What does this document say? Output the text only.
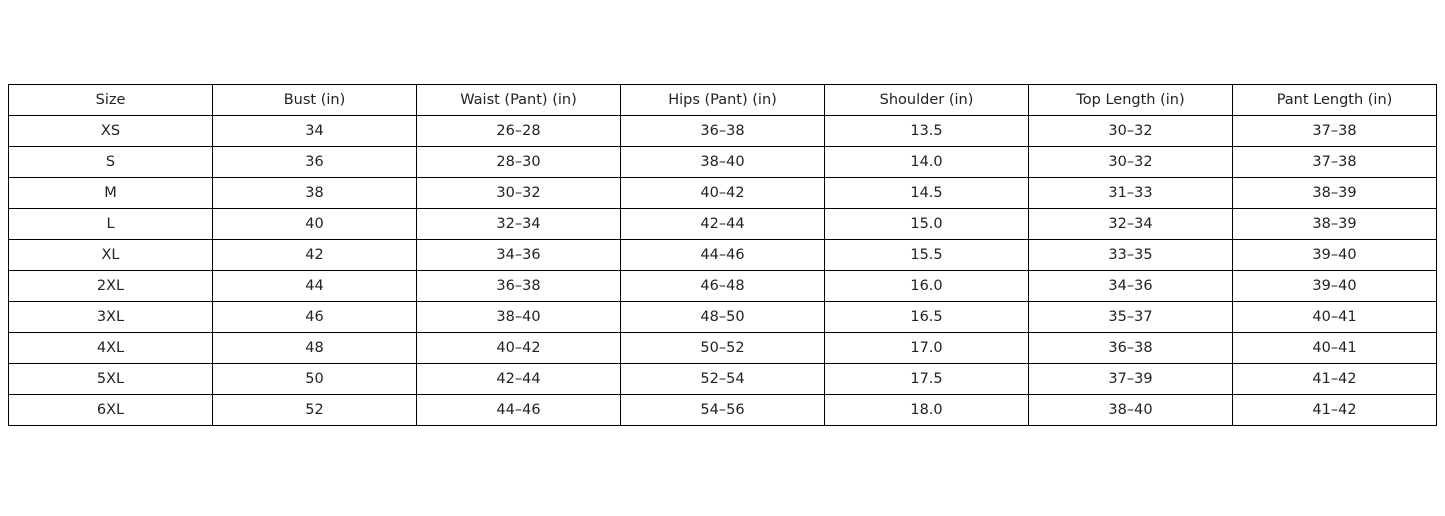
Size	Bust (in)	Waist (Pant) (in)	Hips (Pant) (in)	Shoulder (in)	Top Length (in)	Pant Length (in)
XS	34	26–28	36–38	13.5	30–32	37–38
S	36	28–30	38–40	14.0	30–32	37–38
M	38	30–32	40–42	14.5	31–33	38–39
L	40	32–34	42–44	15.0	32–34	38–39
XL	42	34–36	44–46	15.5	33–35	39–40
2XL	44	36–38	46–48	16.0	34–36	39–40
3XL	46	38–40	48–50	16.5	35–37	40–41
4XL	48	40–42	50–52	17.0	36–38	40–41
5XL	50	42–44	52–54	17.5	37–39	41–42
6XL	52	44–46	54–56	18.0	38–40	41–42
